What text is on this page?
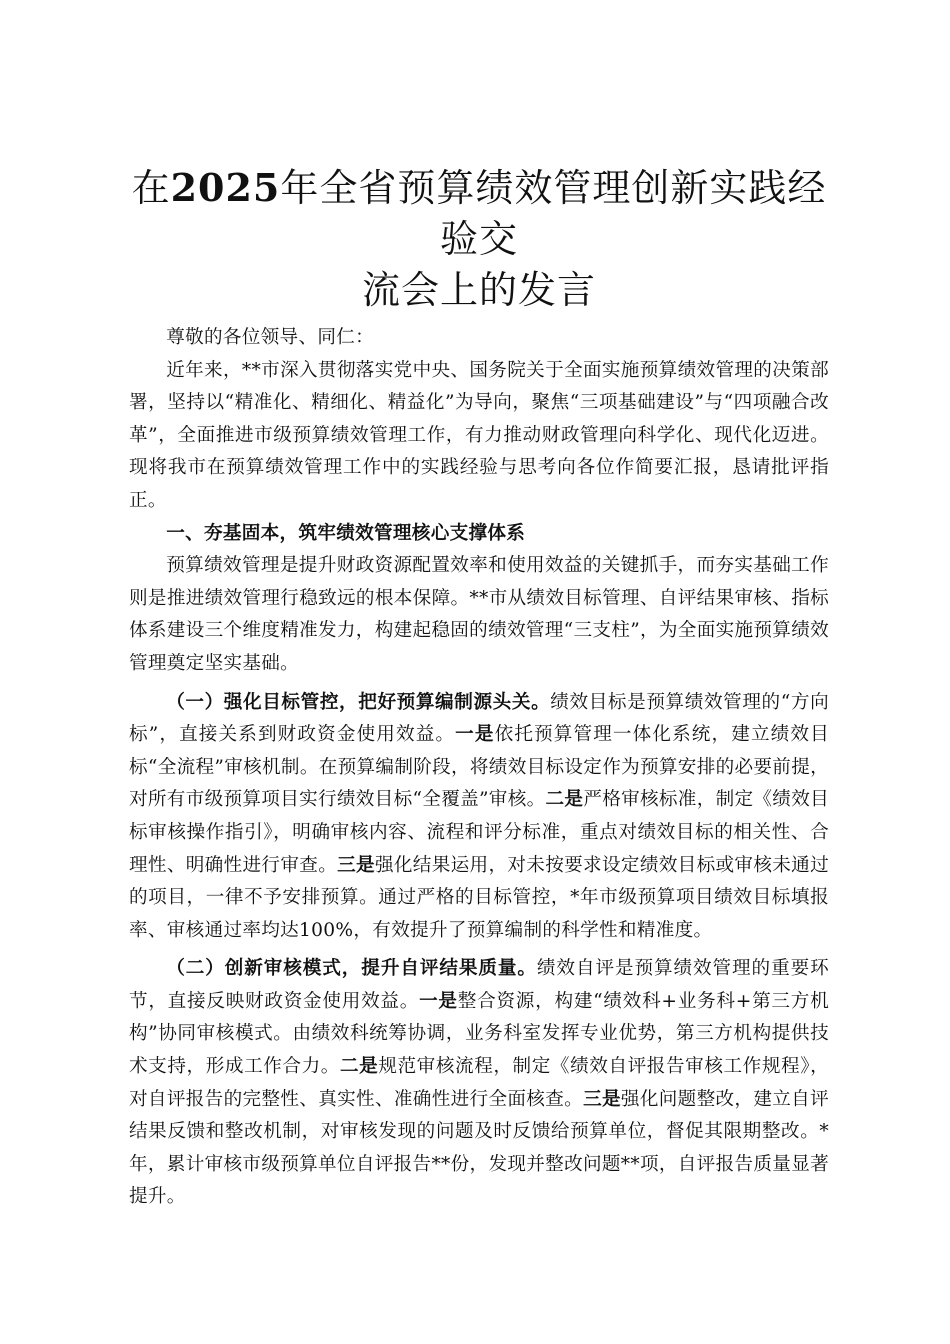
在2025年全省预算绩效管理创新实践经验交
流会上的发言

尊敬的各位领导、同仁：

近年来，**市深入贯彻落实党中央、国务院关于全面实施预算绩效管理的决策部署，坚持以“精准化、精细化、精益化”为导向，聚焦“三项基础建设”与“四项融合改革”，全面推进市级预算绩效管理工作，有力推动财政管理向科学化、现代化迈进。现将我市在预算绩效管理工作中的实践经验与思考向各位作简要汇报，恳请批评指正。

一、夯基固本，筑牢绩效管理核心支撑体系

预算绩效管理是提升财政资源配置效率和使用效益的关键抓手，而夯实基础工作则是推进绩效管理行稳致远的根本保障。**市从绩效目标管理、自评结果审核、指标体系建设三个维度精准发力，构建起稳固的绩效管理“三支柱”，为全面实施预算绩效管理奠定坚实基础。

（一）强化目标管控，把好预算编制源头关。绩效目标是预算绩效管理的“方向标”，直接关系到财政资金使用效益。一是依托预算管理一体化系统，建立绩效目标“全流程”审核机制。在预算编制阶段，将绩效目标设定作为预算安排的必要前提，对所有市级预算项目实行绩效目标“全覆盖”审核。二是严格审核标准，制定《绩效目标审核操作指引》，明确审核内容、流程和评分标准，重点对绩效目标的相关性、合理性、明确性进行审查。三是强化结果运用，对未按要求设定绩效目标或审核未通过的项目，一律不予安排预算。通过严格的目标管控，*年市级预算项目绩效目标填报率、审核通过率均达100%，有效提升了预算编制的科学性和精准度。

（二）创新审核模式，提升自评结果质量。绩效自评是预算绩效管理的重要环节，直接反映财政资金使用效益。一是整合资源，构建“绩效科+业务科+第三方机构”协同审核模式。由绩效科统筹协调，业务科室发挥专业优势，第三方机构提供技术支持，形成工作合力。二是规范审核流程，制定《绩效自评报告审核工作规程》，对自评报告的完整性、真实性、准确性进行全面核查。三是强化问题整改，建立自评结果反馈和整改机制，对审核发现的问题及时反馈给预算单位，督促其限期整改。*年，累计审核市级预算单位自评报告**份，发现并整改问题**项，自评报告质量显著提升。
